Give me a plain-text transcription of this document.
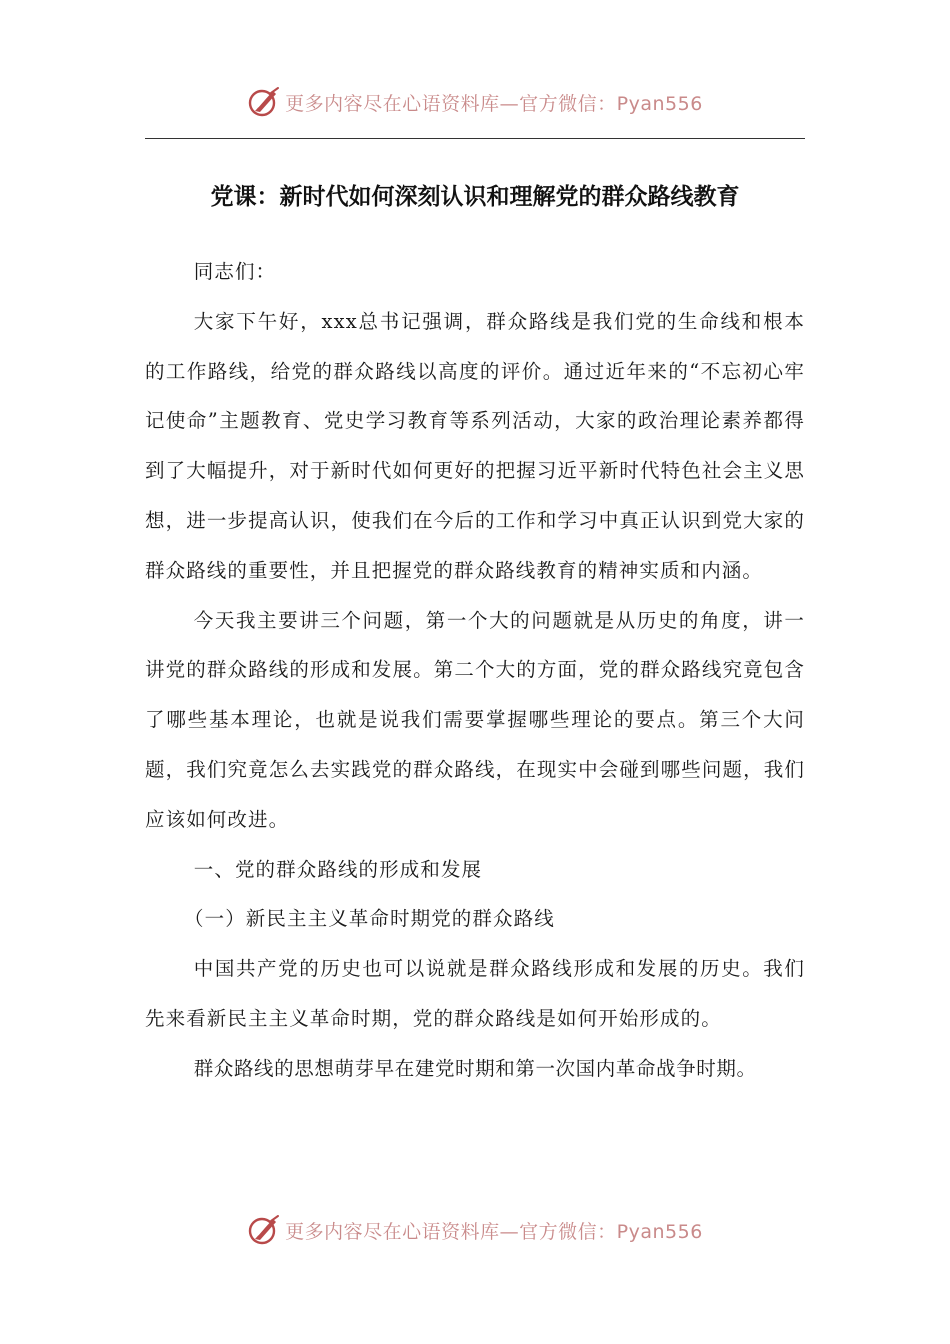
更多内容尽在心语资料库—官方微信：Pyan556
党课：新时代如何深刻认识和理解党的群众路线教育

同志们：

大家下午好，xxx总书记强调，群众路线是我们党的生命线和根本的工作路线，给党的群众路线以高度的评价。通过近年来的“不忘初心牢记使命”主题教育、党史学习教育等系列活动，大家的政治理论素养都得到了大幅提升，对于新时代如何更好的把握习近平新时代特色社会主义思想，进一步提高认识，使我们在今后的工作和学习中真正认识到党大家的群众路线的重要性，并且把握党的群众路线教育的精神实质和内涵。

今天我主要讲三个问题，第一个大的问题就是从历史的角度，讲一讲党的群众路线的形成和发展。第二个大的方面，党的群众路线究竟包含了哪些基本理论，也就是说我们需要掌握哪些理论的要点。第三个大问题，我们究竟怎么去实践党的群众路线，在现实中会碰到哪些问题，我们应该如何改进。

一、党的群众路线的形成和发展

（一）新民主主义革命时期党的群众路线

中国共产党的历史也可以说就是群众路线形成和发展的历史。我们先来看新民主主义革命时期，党的群众路线是如何开始形成的。

群众路线的思想萌芽早在建党时期和第一次国内革命战争时期。

更多内容尽在心语资料库—官方微信：Pyan556
